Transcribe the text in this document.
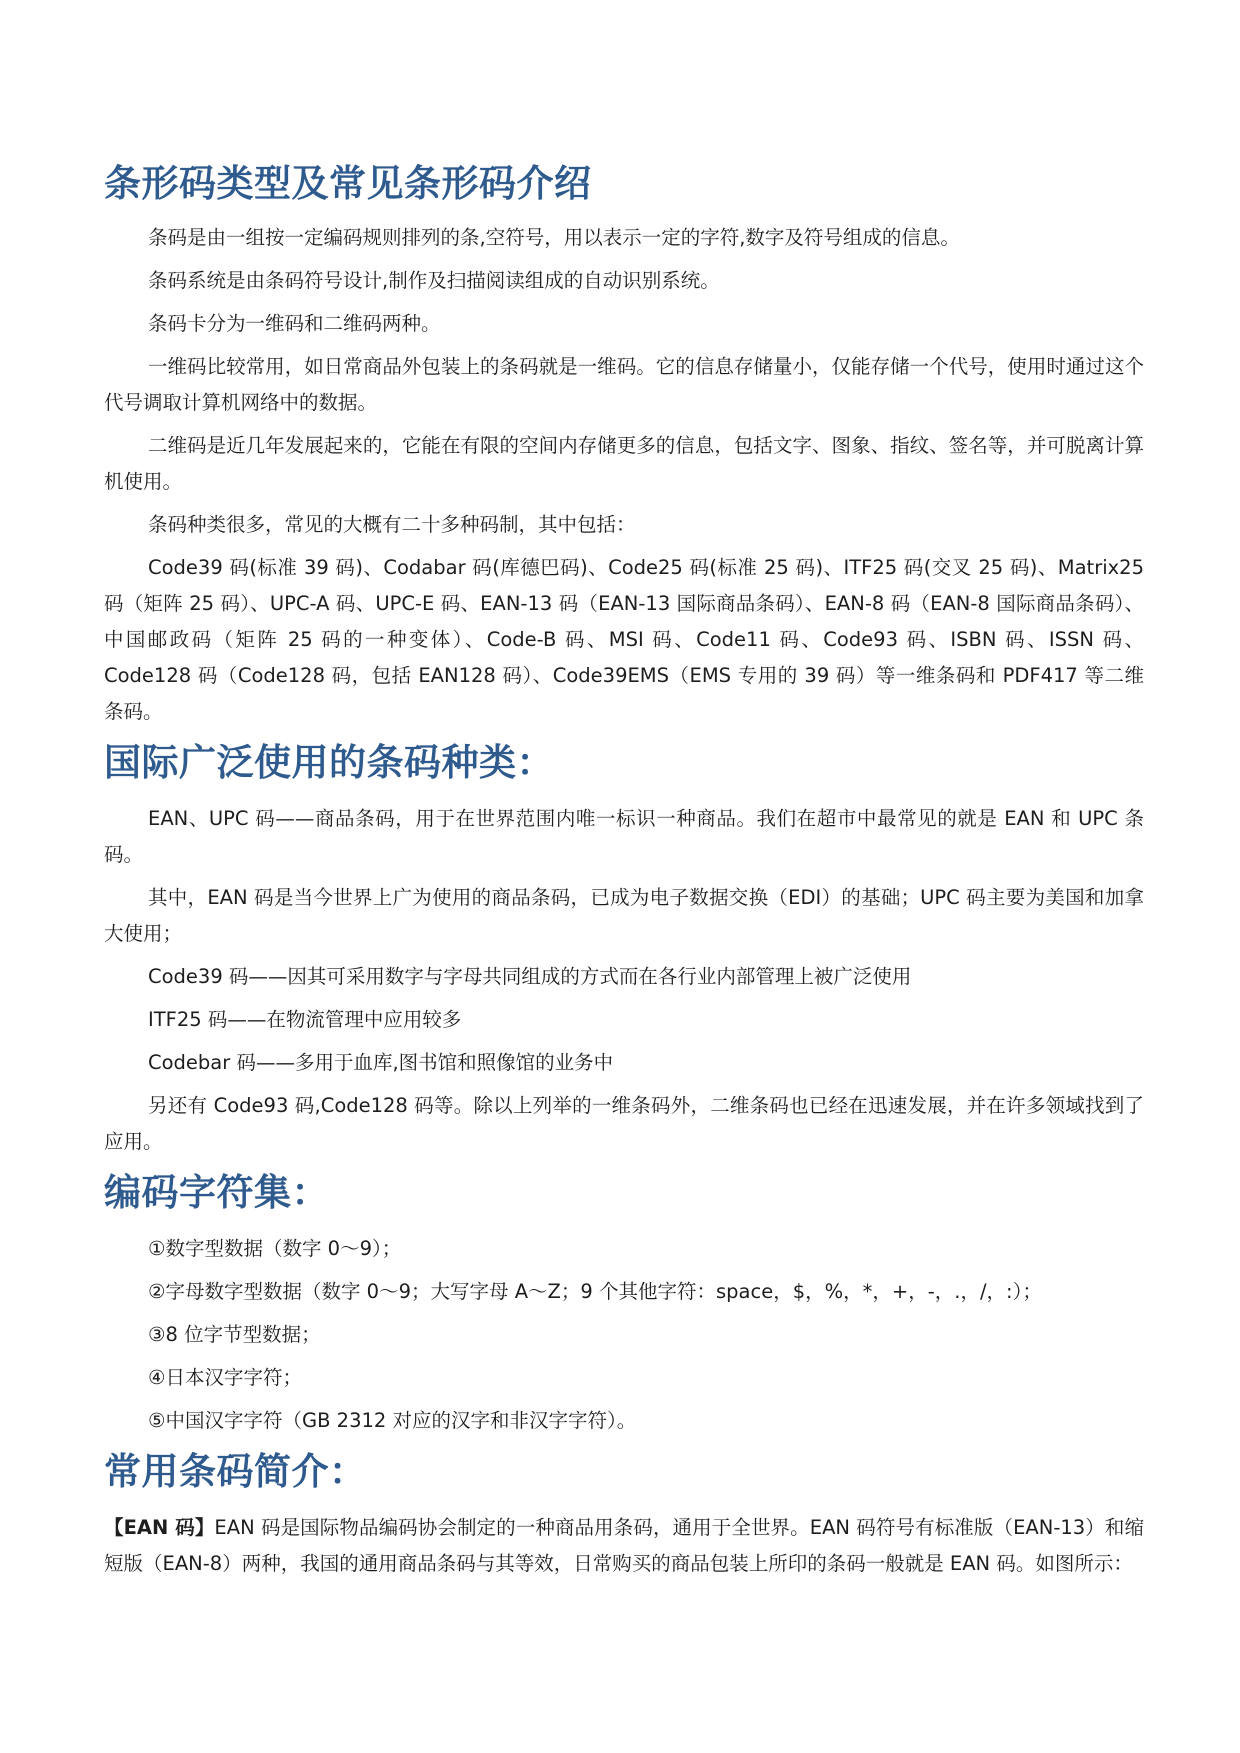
条形码类型及常见条形码介绍

条码是由一组按一定编码规则排列的条,空符号，用以表示一定的字符,数字及符号组成的信息。

条码系统是由条码符号设计,制作及扫描阅读组成的自动识别系统。

条码卡分为一维码和二维码两种。

一维码比较常用，如日常商品外包装上的条码就是一维码。它的信息存储量小，仅能存储一个代号，使用时通过这个代号调取计算机网络中的数据。

二维码是近几年发展起来的，它能在有限的空间内存储更多的信息，包括文字、图象、指纹、签名等，并可脱离计算机使用。

条码种类很多，常见的大概有二十多种码制，其中包括：

Code39 码(标准 39 码)、Codabar 码(库德巴码)、Code25 码(标准 25 码)、ITF25 码(交叉 25 码)、Matrix25 码（矩阵 25 码）、UPC-A 码、UPC-E 码、EAN-13 码（EAN-13 国际商品条码）、EAN-8 码（EAN-8 国际商品条码）、中国邮政码（矩阵 25 码的一种变体）、Code-B 码、MSI 码、Code11 码、Code93 码、ISBN 码、ISSN 码、Code128 码（Code128 码，包括 EAN128 码）、Code39EMS（EMS 专用的 39 码）等一维条码和 PDF417 等二维条码。

国际广泛使用的条码种类：

EAN、UPC 码——商品条码，用于在世界范围内唯一标识一种商品。我们在超市中最常见的就是 EAN 和 UPC 条码。

其中，EAN 码是当今世界上广为使用的商品条码，已成为电子数据交换（EDI）的基础；UPC 码主要为美国和加拿大使用；

Code39 码——因其可采用数字与字母共同组成的方式而在各行业内部管理上被广泛使用

ITF25 码——在物流管理中应用较多

Codebar 码——多用于血库,图书馆和照像馆的业务中

另还有 Code93 码,Code128 码等。除以上列举的一维条码外，二维条码也已经在迅速发展，并在许多领域找到了应用。

编码字符集：

①数字型数据（数字 0～9）；

②字母数字型数据（数字 0～9；大写字母 A～Z；9 个其他字符：space，$，%，*，+，-，.，/，:）；

③8 位字节型数据；

④日本汉字字符；

⑤中国汉字字符（GB 2312 对应的汉字和非汉字字符）。

常用条码简介：

【EAN 码】EAN 码是国际物品编码协会制定的一种商品用条码，通用于全世界。EAN 码符号有标准版（EAN-13）和缩短版（EAN-8）两种，我国的通用商品条码与其等效，日常购买的商品包装上所印的条码一般就是 EAN 码。如图所示：
